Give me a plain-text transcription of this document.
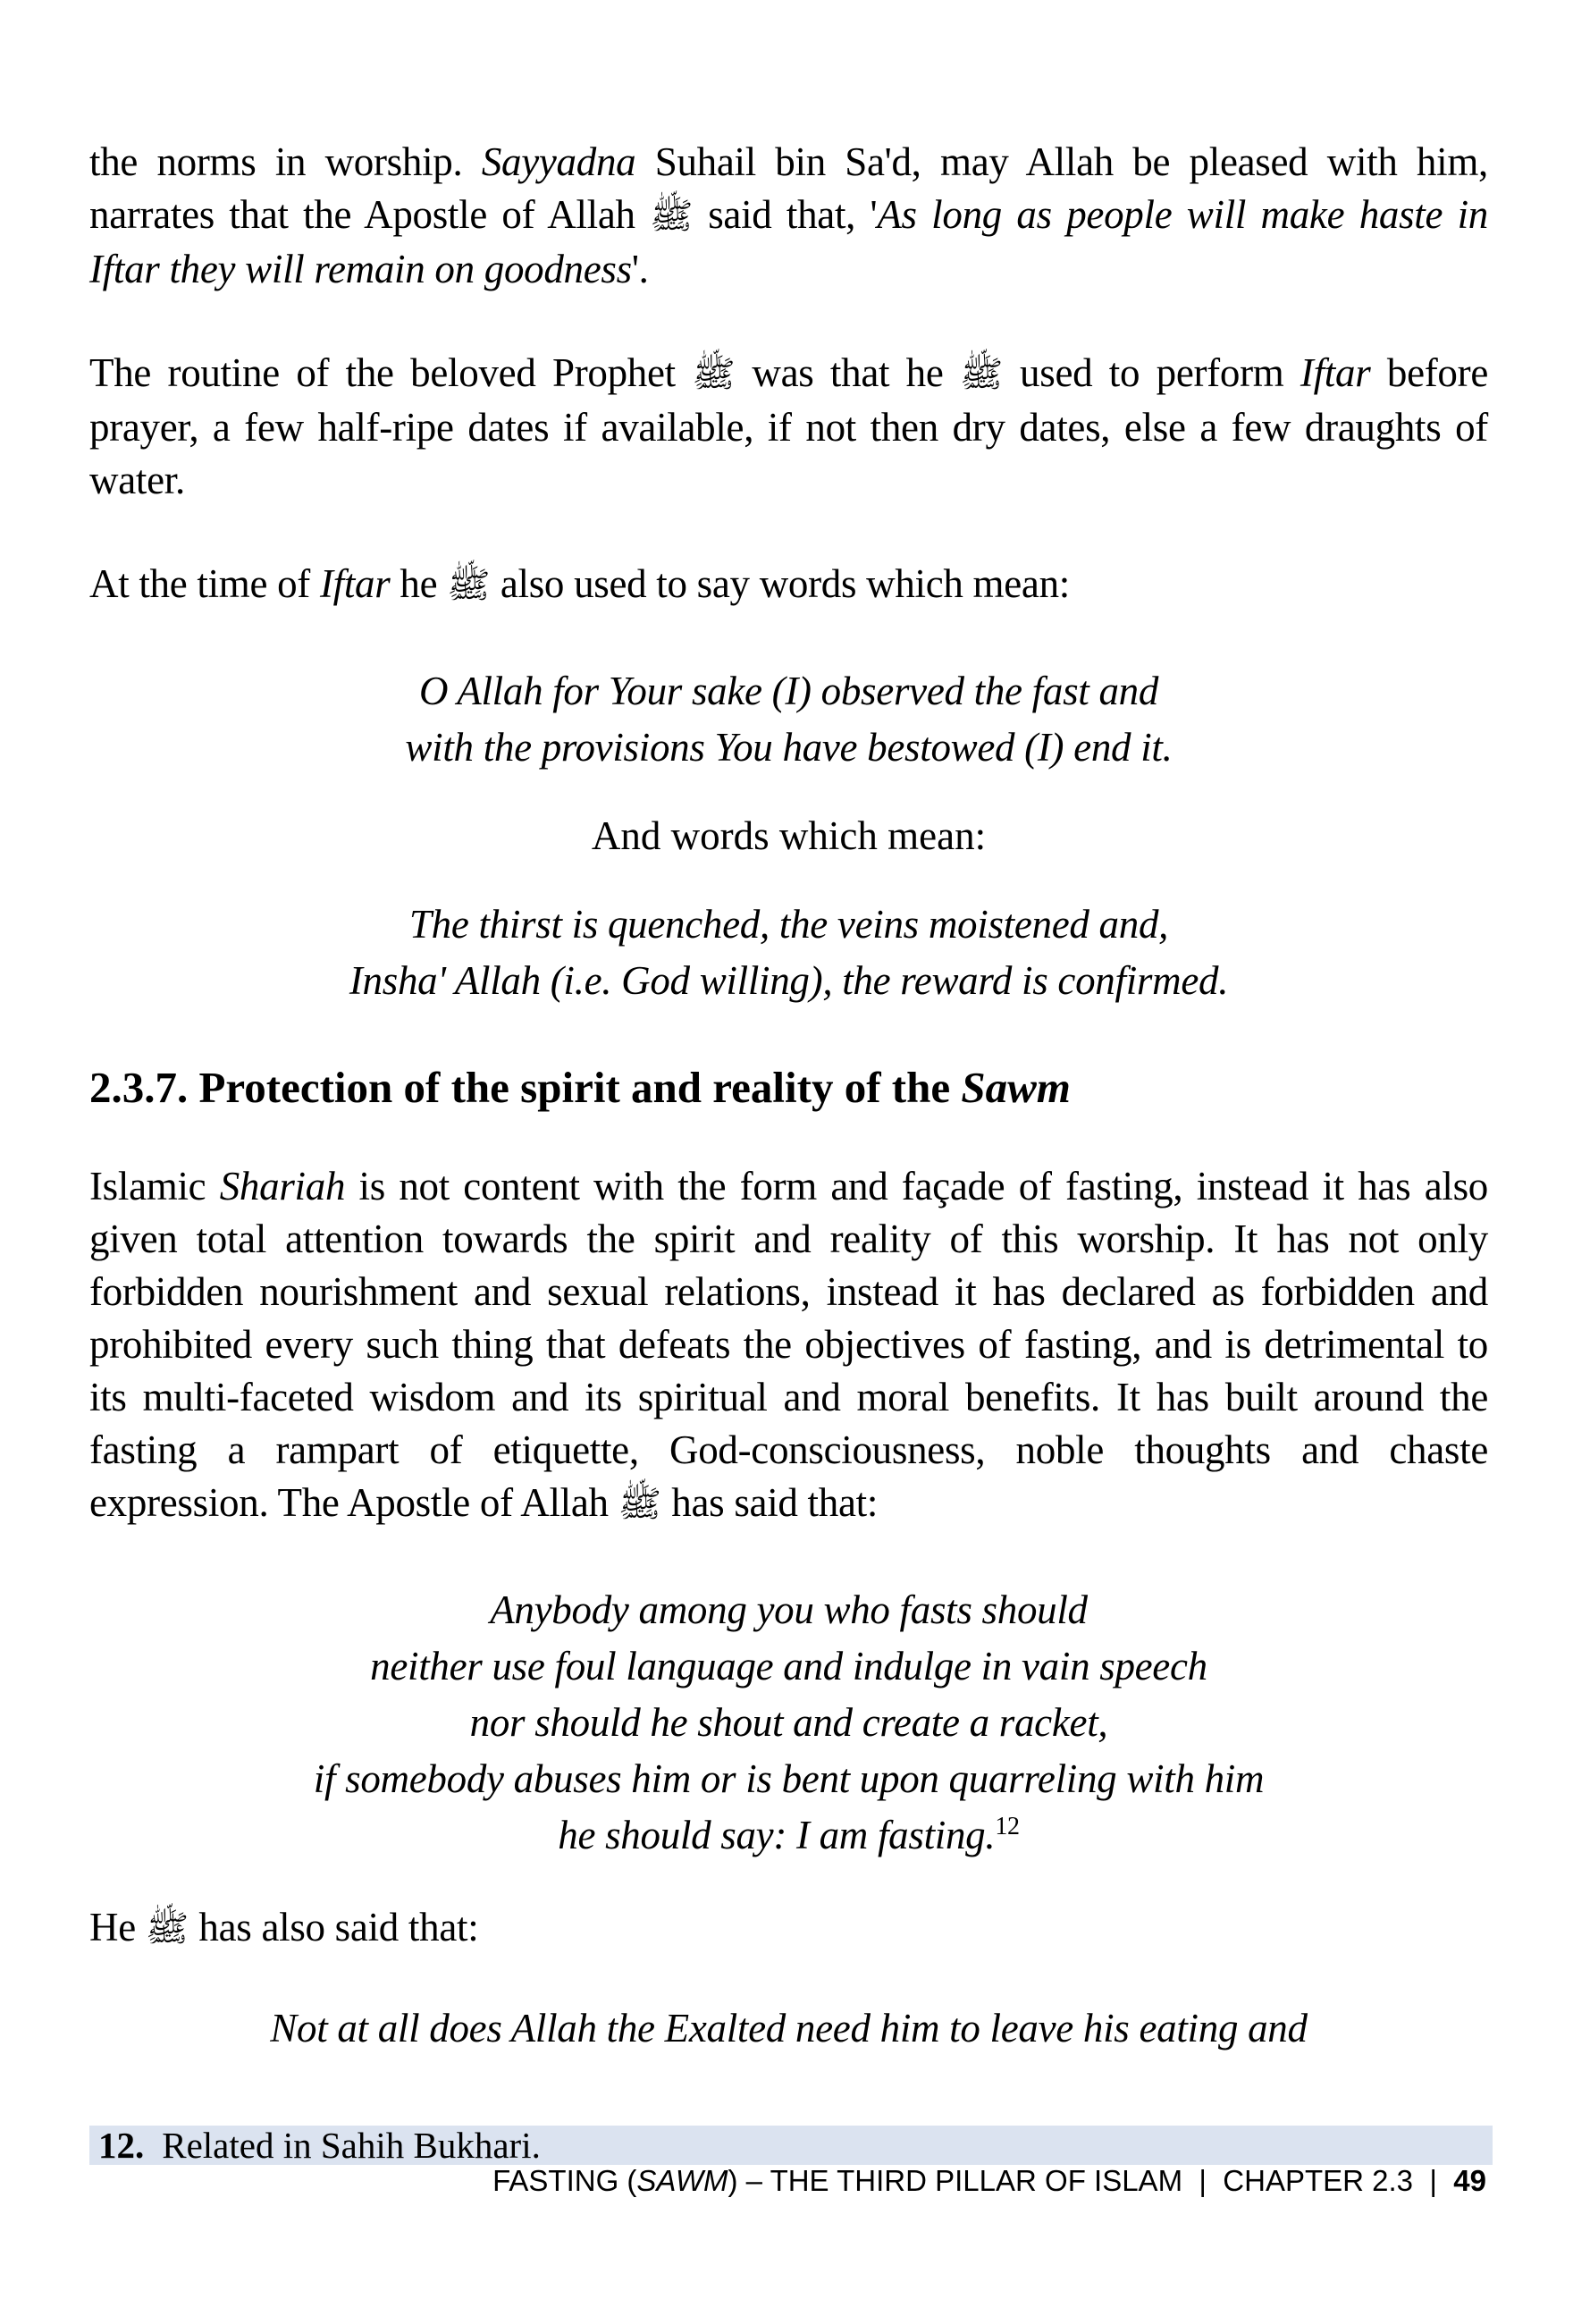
the norms in worship. Sayyadna Suhail bin Sa'd, may Allah be pleased with him, narrates that the Apostle of Allah ﷺ said that, 'As long as people will make haste in Iftar they will remain on goodness'.

The routine of the beloved Prophet ﷺ was that he ﷺ used to perform Iftar before prayer, a few half-ripe dates if available, if not then dry dates, else a few draughts of water.

At the time of Iftar he ﷺ also used to say words which mean:

O Allah for Your sake (I) observed the fast and
with the provisions You have bestowed (I) end it.

And words which mean:

The thirst is quenched, the veins moistened and,
Insha' Allah (i.e. God willing), the reward is confirmed.
2.3.7. Protection of the spirit and reality of the Sawm

Islamic Shariah is not content with the form and façade of fasting, instead it has also given total attention towards the spirit and reality of this worship. It has not only forbidden nourishment and sexual relations, instead it has declared as forbidden and prohibited every such thing that defeats the objectives of fasting, and is detrimental to its multi-faceted wisdom and its spiritual and moral benefits. It has built around the fasting a rampart of etiquette, God-consciousness, noble thoughts and chaste expression. The Apostle of Allah ﷺ has said that:

Anybody among you who fasts should
neither use foul language and indulge in vain speech
nor should he shout and create a racket,
if somebody abuses him or is bent upon quarreling with him
he should say: I am fasting.$^{12}$

He ﷺ has also said that:

Not at all does Allah the Exalted need him to leave his eating and
12. Related in Sahih Bukhari.
FASTING (SAWM) – THE THIRD PILLAR OF ISLAM  |  CHAPTER 2.3  |  49
